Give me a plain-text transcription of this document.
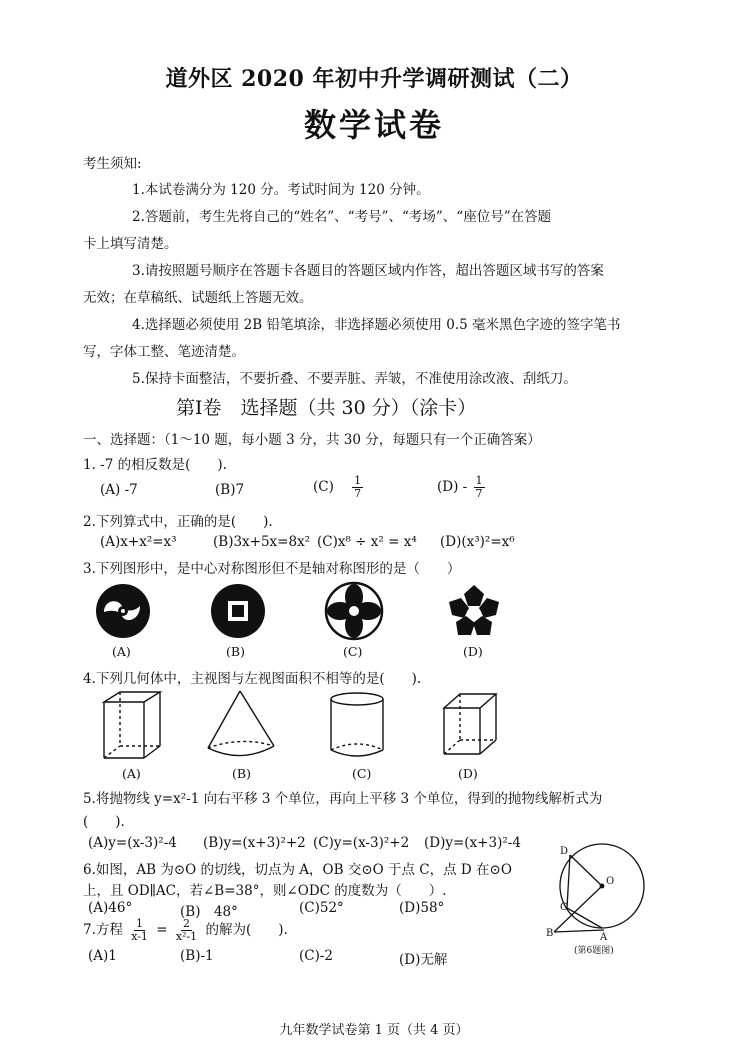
道外区 2020 年初中升学调研测试（二）
数学试卷
考生须知:
1.本试卷满分为 120 分。考试时间为 120 分钟。
2.答题前，考生先将自己的“姓名”、“考号”、“考场”、“座位号”在答题
卡上填写清楚。
3.请按照题号顺序在答题卡各题目的答题区域内作答，超出答题区域书写的答案
无效；在草稿纸、试题纸上答题无效。
4.选择题必须使用 2B 铅笔填涂，非选择题必须使用 0.5 毫米黑色字迹的签字笔书
写，字体工整、笔迹清楚。
5.保持卡面整洁，不要折叠、不要弄脏、弄皱，不准使用涂改液、刮纸刀。
第Ⅰ卷　选择题（共 30 分）（涂卡）
一、选择题：（1～10 题，每小题 3 分，共 30 分，每题只有一个正确答案）
1. -7 的相反数是(　　).
(A) -7	(B)7	$(C) \frac{1}{7}$	$(D) - \frac{1}{7}$
2.下列算式中，正确的是(　　).
(A)x+x²=x³	(B)3x+5x=8x² (C)x⁸ ÷ x² = x⁴ (D)(x³)²=x⁶
3.下列图形中，是中心对称图形但不是轴对称图形的是（　　）
(A)	(B)	(C)	(D)
4.下列几何体中，主视图与左视图面积不相等的是(　　).
(A)	(B)	(C)	(D)
5.将抛物线 y=x²-1 向右平移 3 个单位，再向上平移 3 个单位，得到的抛物线解析式为
(　　).
(A)y=(x-3)²-4 (B)y=(x+3)²+2 (C)y=(x-3)²+2 (D)y=(x+3)²-4
6.如图，AB 为⊙O 的切线，切点为 A，OB 交⊙O 于点 C，点 D 在⊙O
上，且 OD∥AC，若∠B=38°，则∠ODC 的度数为（　　）.
(A)46°	(B)　48°	(C)52°	(D)58°
D
O
C
B	A
(第6题图)
7.方程 $\frac{1}{x-1} = \frac{2}{\text{x²-1}}$ 的解为(　　).
(A)1	(B)-1	(C)-2	(D)无解
九年数学试卷第 1 页（共 4 页）
